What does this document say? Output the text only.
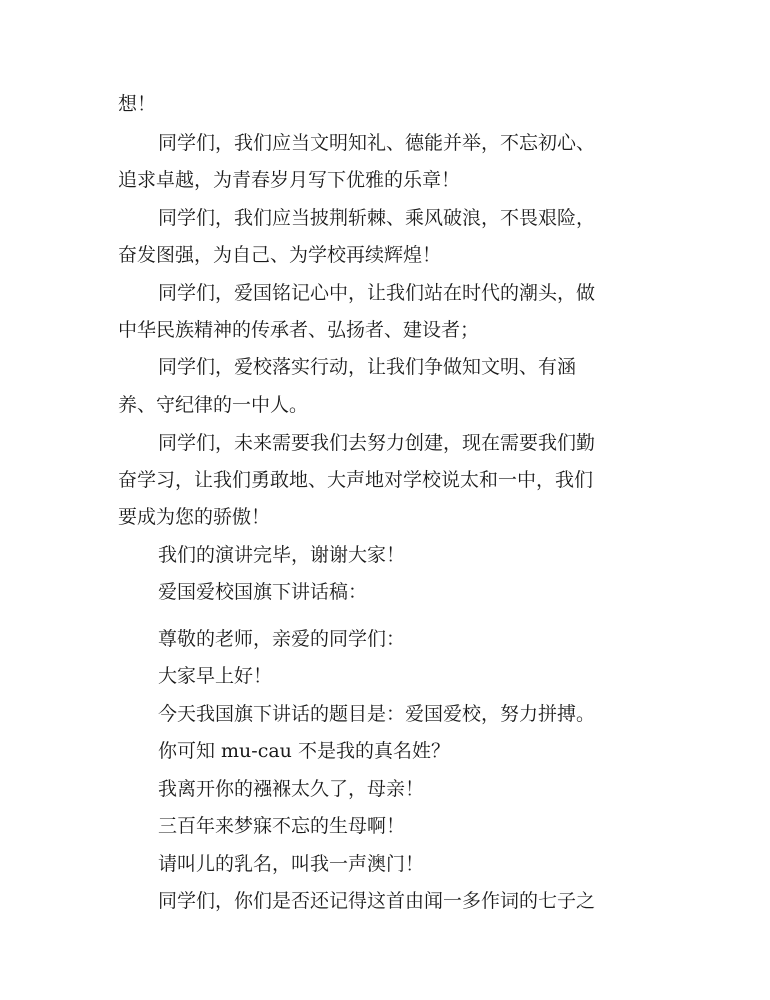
想！
同学们，我们应当文明知礼、德能并举，不忘初心、
追求卓越，为青春岁月写下优雅的乐章！
同学们，我们应当披荆斩棘、乘风破浪，不畏艰险，
奋发图强，为自己、为学校再续辉煌！
同学们，爱国铭记心中，让我们站在时代的潮头，做
中华民族精神的传承者、弘扬者、建设者；
同学们，爱校落实行动，让我们争做知文明、有涵
养、守纪律的一中人。
同学们，未来需要我们去努力创建，现在需要我们勤
奋学习，让我们勇敢地、大声地对学校说太和一中，我们
要成为您的骄傲！
我们的演讲完毕，谢谢大家！
爱国爱校国旗下讲话稿：
尊敬的老师，亲爱的同学们：
大家早上好！
今天我国旗下讲话的题目是：爱国爱校，努力拼搏。
你可知 mu-cau 不是我的真名姓？
我离开你的襁褓太久了，母亲！
三百年来梦寐不忘的生母啊！
请叫儿的乳名，叫我一声澳门！
同学们，你们是否还记得这首由闻一多作词的七子之
